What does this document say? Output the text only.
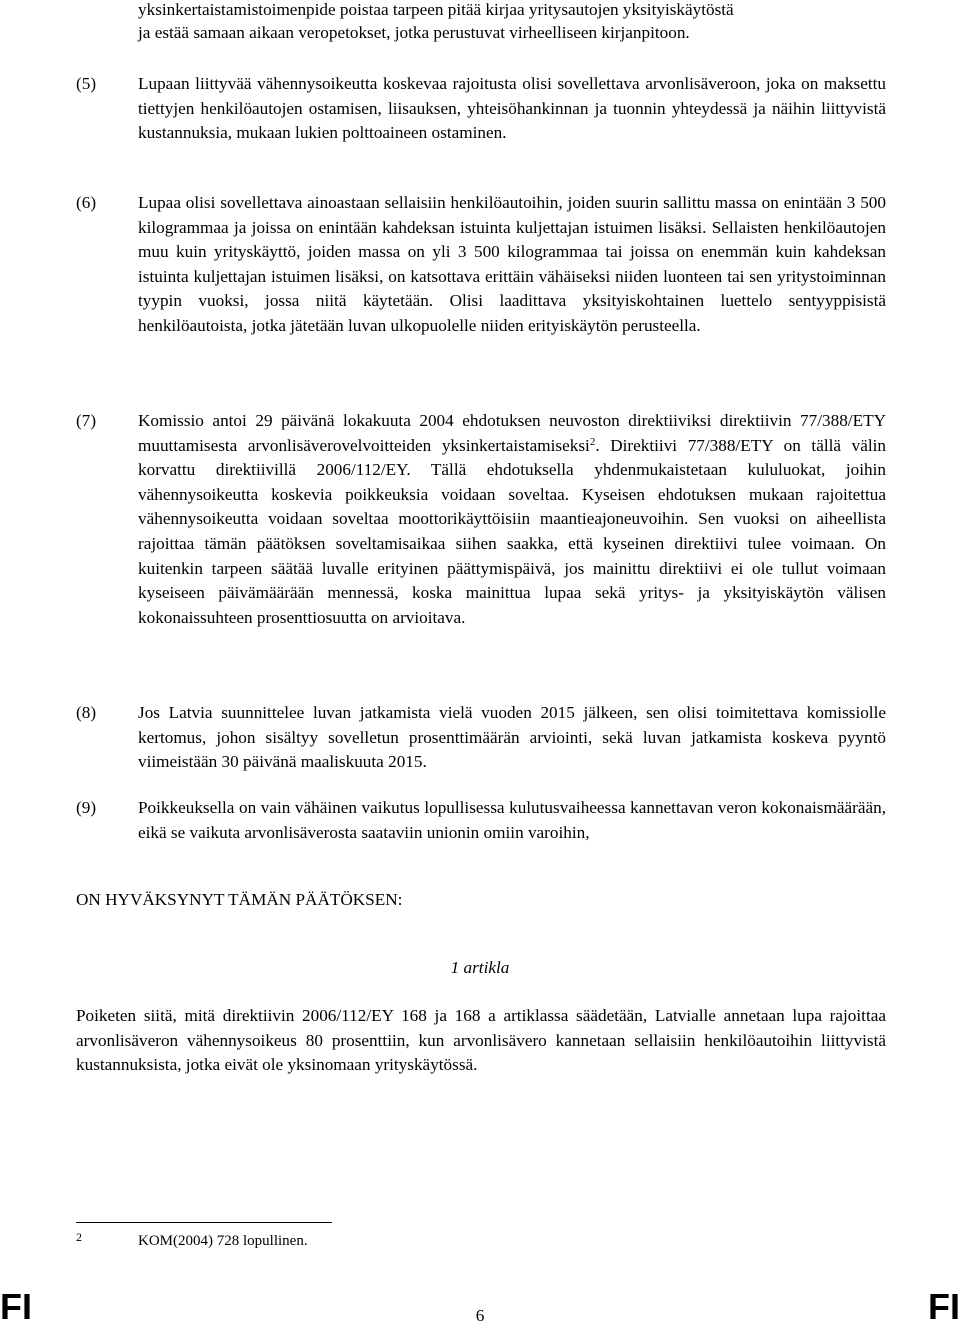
yksinkertaistamistoimenpide poistaa tarpeen pitää kirjaa yritysautojen yksityiskäytöstä
ja estää samaan aikaan veropetokset, jotka perustuvat virheelliseen kirjanpitoon.
(5)	Lupaan liittyvää vähennysoikeutta koskevaa rajoitusta olisi sovellettava arvonlisäveroon, joka on maksettu tiettyjen henkilöautojen ostamisen, liisauksen, yhteisöhankinnan ja tuonnin yhteydessä ja näihin liittyvistä kustannuksia, mukaan lukien polttoaineen ostaminen.
(6)	Lupaa olisi sovellettava ainoastaan sellaisiin henkilöautoihin, joiden suurin sallittu massa on enintään 3 500 kilogrammaa ja joissa on enintään kahdeksan istuinta kuljettajan istuimen lisäksi. Sellaisten henkilöautojen muu kuin yrityskäyttö, joiden massa on yli 3 500 kilogrammaa tai joissa on enemmän kuin kahdeksan istuinta kuljettajan istuimen lisäksi, on katsottava erittäin vähäiseksi niiden luonteen tai sen yritystoiminnan tyypin vuoksi, jossa niitä käytetään. Olisi laadittava yksityiskohtainen luettelo sentyyppisistä henkilöautoista, jotka jätetään luvan ulkopuolelle niiden erityiskäytön perusteella.
(7)	Komissio antoi 29 päivänä lokakuuta 2004 ehdotuksen neuvoston direktiiviksi direktiivin 77/388/ETY muuttamisesta arvonlisäverovelvoitteiden yksinkertaistamiseksi$^2$. Direktiivi 77/388/ETY on tällä välin korvattu direktiivillä 2006/112/EY. Tällä ehdotuksella yhdenmukaistetaan kululuokat, joihin vähennysoikeutta koskevia poikkeuksia voidaan soveltaa. Kyseisen ehdotuksen mukaan rajoitettua vähennysoikeutta voidaan soveltaa moottorikäyttöisiin maantieajoneuvoihin. Sen vuoksi on aiheellista rajoittaa tämän päätöksen soveltamisaikaa siihen saakka, että kyseinen direktiivi tulee voimaan. On kuitenkin tarpeen säätää luvalle erityinen päättymispäivä, jos mainittu direktiivi ei ole tullut voimaan kyseiseen päivämäärään mennessä, koska mainittua lupaa sekä yritys- ja yksityiskäytön välisen kokonaissuhteen prosenttiosuutta on arvioitava.
(8)	Jos Latvia suunnittelee luvan jatkamista vielä vuoden 2015 jälkeen, sen olisi toimitettava komissiolle kertomus, johon sisältyy sovelletun prosenttimäärän arviointi, sekä luvan jatkamista koskeva pyyntö viimeistään 30 päivänä maaliskuuta 2015.
(9)	Poikkeuksella on vain vähäinen vaikutus lopullisessa kulutusvaiheessa kannettavan veron kokonaismäärään, eikä se vaikuta arvonlisäverosta saataviin unionin omiin varoihin,
ON HYVÄKSYNYT TÄMÄN PÄÄTÖKSEN:
1 artikla
Poiketen siitä, mitä direktiivin 2006/112/EY 168 ja 168 a artiklassa säädetään, Latvialle annetaan lupa rajoittaa arvonlisäveron vähennysoikeus 80 prosenttiin, kun arvonlisävero kannetaan sellaisiin henkilöautoihin liittyvistä kustannuksista, jotka eivät ole yksinomaan yrityskäytössä.
2	KOM(2004) 728 lopullinen.
FI	6	FI
